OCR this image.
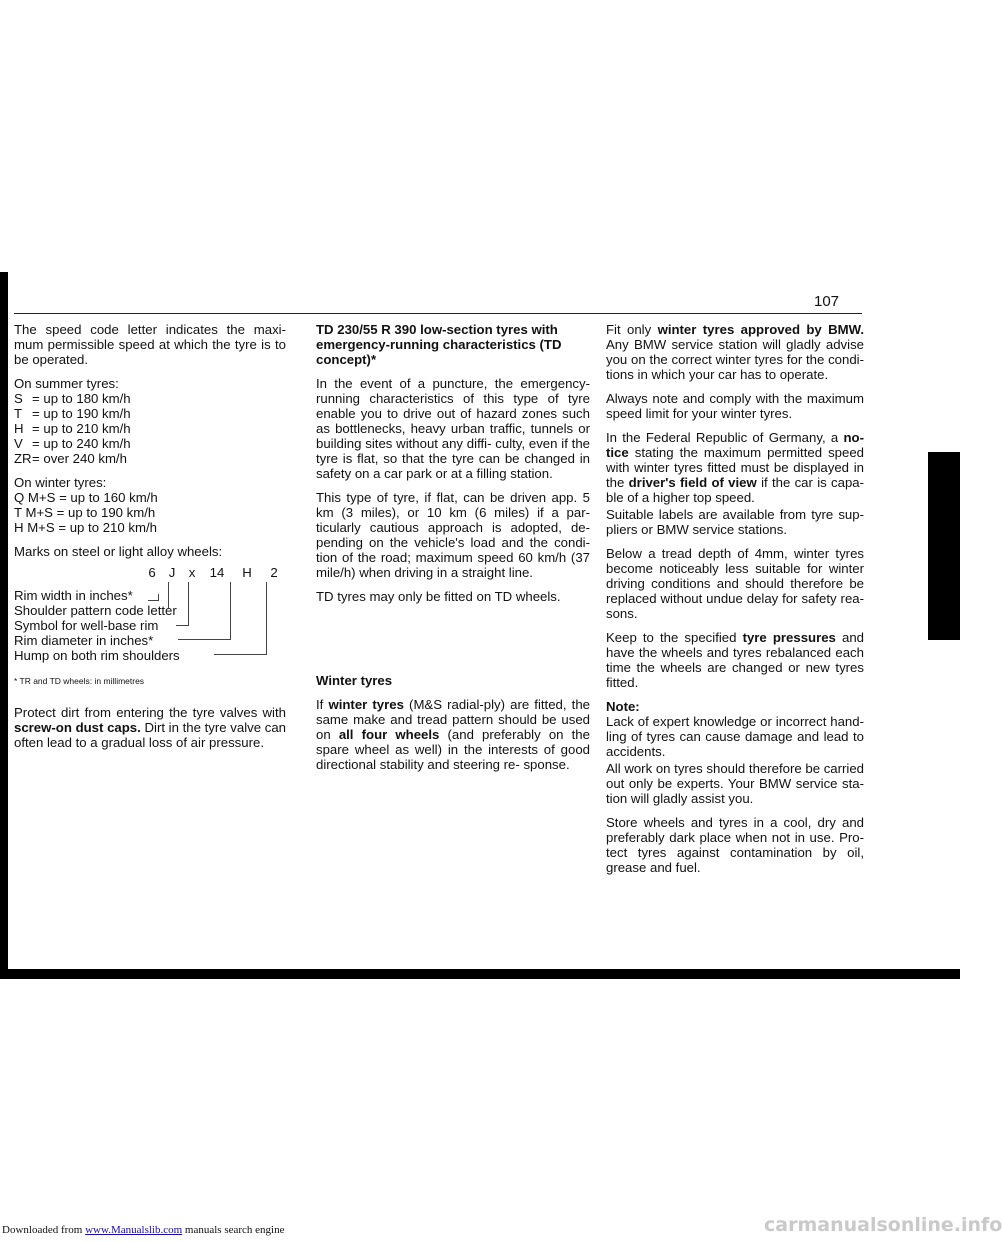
107

The speed code letter indicates the maxi- mum permissible speed at which the tyre is to be operated.

On summer tyres:
S = up to 180 km/h
T = up to 190 km/h
H = up to 210 km/h
V = up to 240 km/h
ZR = over 240 km/h
On winter tyres:
Q M+S = up to 160 km/h
T M+S = up to 190 km/h
H M+S = up to 210 km/h

Marks on steel or light alloy wheels:

6 J	x	14	H	2
Rim width in inches*
Shoulder pattern code letter
Symbol for well-base rim
Rim diameter in inches*
Hump on both rim shoulders
* TR and TD wheels: in millimetres

Protect dirt from entering the tyre valves with screw-on dust caps. Dirt in the tyre valve can often lead to a gradual loss of air pressure.

TD 230/55 R 390 low-section tyres with emergency-running characteristics (TD concept)*

In the event of a puncture, the emergency- running characteristics of this type of tyre enable you to drive out of hazard zones such as bottlenecks, heavy urban traffic, tunnels or building sites without any diffi- culty, even if the tyre is flat, so that the tyre can be changed in safety on a car park or at a filling station.

This type of tyre, if flat, can be driven app. 5 km (3 miles), or 10 km (6 miles) if a par- ticularly cautious approach is adopted, de- pending on the vehicle's load and the condi- tion of the road; maximum speed 60 km/h (37 mile/h) when driving in a straight line.

TD tyres may only be fitted on TD wheels.

Winter tyres

If winter tyres (M&S radial-ply) are fitted, the same make and tread pattern should be used on all four wheels (and preferably on the spare wheel as well) in the interests of good directional stability and steering re- sponse.

Fit only winter tyres approved by BMW. Any BMW service station will gladly advise you on the correct winter tyres for the condi- tions in which your car has to operate.

Always note and comply with the maximum speed limit for your winter tyres.

In the Federal Republic of Germany, a no- tice stating the maximum permitted speed with winter tyres fitted must be displayed in the driver's field of view if the car is capa- ble of a higher top speed.

Suitable labels are available from tyre sup- pliers or BMW service stations.

Below a tread depth of 4mm, winter tyres become noticeably less suitable for winter driving conditions and should therefore be replaced without undue delay for safety rea- sons.

Keep to the specified tyre pressures and have the wheels and tyres rebalanced each time the wheels are changed or new tyres fitted.

Note:

Lack of expert knowledge or incorrect hand- ling of tyres can cause damage and lead to accidents.

All work on tyres should therefore be carried out only be experts. Your BMW service sta- tion will gladly assist you.

Store wheels and tyres in a cool, dry and preferably dark place when not in use. Pro- tect tyres against contamination by oil, grease and fuel.

Downloaded from www.Manualslib.com manuals search engine	carmanualsonline.info
